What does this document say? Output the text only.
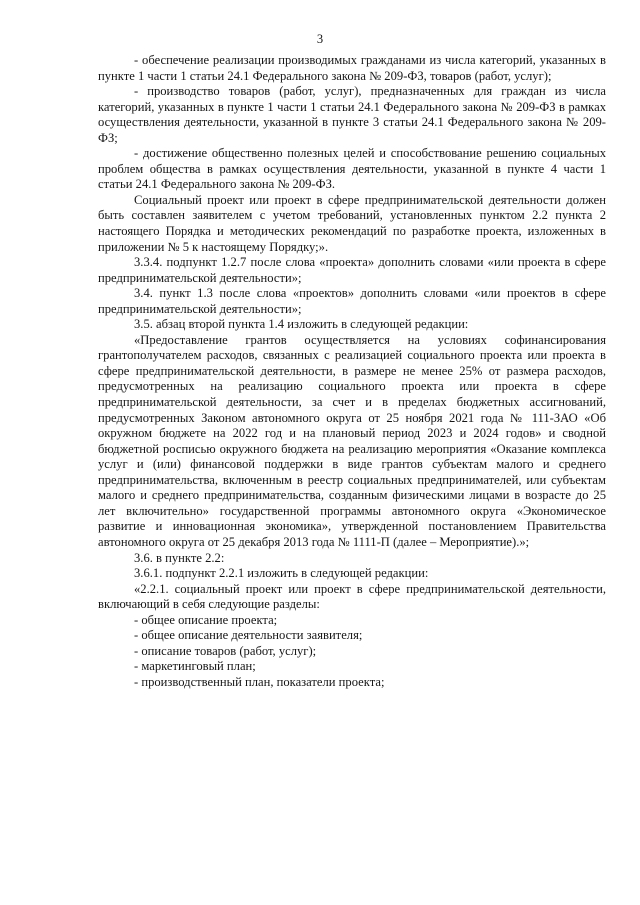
3

- обеспечение реализации производимых гражданами из числа категорий, указанных в пункте 1 части 1 статьи 24.1 Федерального закона № 209-ФЗ, товаров (работ, услуг);

- производство товаров (работ, услуг), предназначенных для граждан из числа категорий, указанных в пункте 1 части 1 статьи 24.1 Федерального закона № 209-ФЗ в рамках осуществления деятельности, указанной в пункте 3 статьи 24.1 Федерального закона № 209-ФЗ;

- достижение общественно полезных целей и способствование решению социальных проблем общества в рамках осуществления деятельности, указанной в пункте 4 части 1 статьи 24.1 Федерального закона № 209-ФЗ.

Социальный проект или проект в сфере предпринимательской деятельности должен быть составлен заявителем с учетом требований, установленных пунктом 2.2 пункта 2 настоящего Порядка и методических рекомендаций по разработке проекта, изложенных в приложении № 5 к настоящему Порядку;».

3.3.4. подпункт 1.2.7 после слова «проекта» дополнить словами «или проекта в сфере предпринимательской деятельности»;

3.4. пункт 1.3 после слова «проектов» дополнить словами «или проектов в сфере предпринимательской деятельности»;

3.5. абзац второй пункта 1.4 изложить в следующей редакции:

«Предоставление грантов осуществляется на условиях софинансирования грантополучателем расходов, связанных с реализацией социального проекта или проекта в сфере предпринимательской деятельности, в размере не менее 25% от размера расходов, предусмотренных на реализацию социального проекта или проекта в сфере предпринимательской деятельности, за счет и в пределах бюджетных ассигнований, предусмотренных Законом автономного округа от 25 ноября 2021 года № 111-ЗАО «Об окружном бюджете на 2022 год и на плановый период 2023 и 2024 годов» и сводной бюджетной росписью окружного бюджета на реализацию мероприятия «Оказание комплекса услуг и (или) финансовой поддержки в виде грантов субъектам малого и среднего предпринимательства, включенным в реестр социальных предпринимателей, или субъектам малого и среднего предпринимательства, созданным физическими лицами в возрасте до 25 лет включительно» государственной программы автономного округа «Экономическое развитие и инновационная экономика», утвержденной постановлением Правительства автономного округа от 25 декабря 2013 года № 1111-П (далее – Мероприятие).»;

3.6. в пункте 2.2:

3.6.1. подпункт 2.2.1 изложить в следующей редакции:

«2.2.1. социальный проект или проект в сфере предпринимательской деятельности, включающий в себя следующие разделы:

- общее описание проекта;

- общее описание деятельности заявителя;

- описание товаров (работ, услуг);

- маркетинговый план;

- производственный план, показатели проекта;
